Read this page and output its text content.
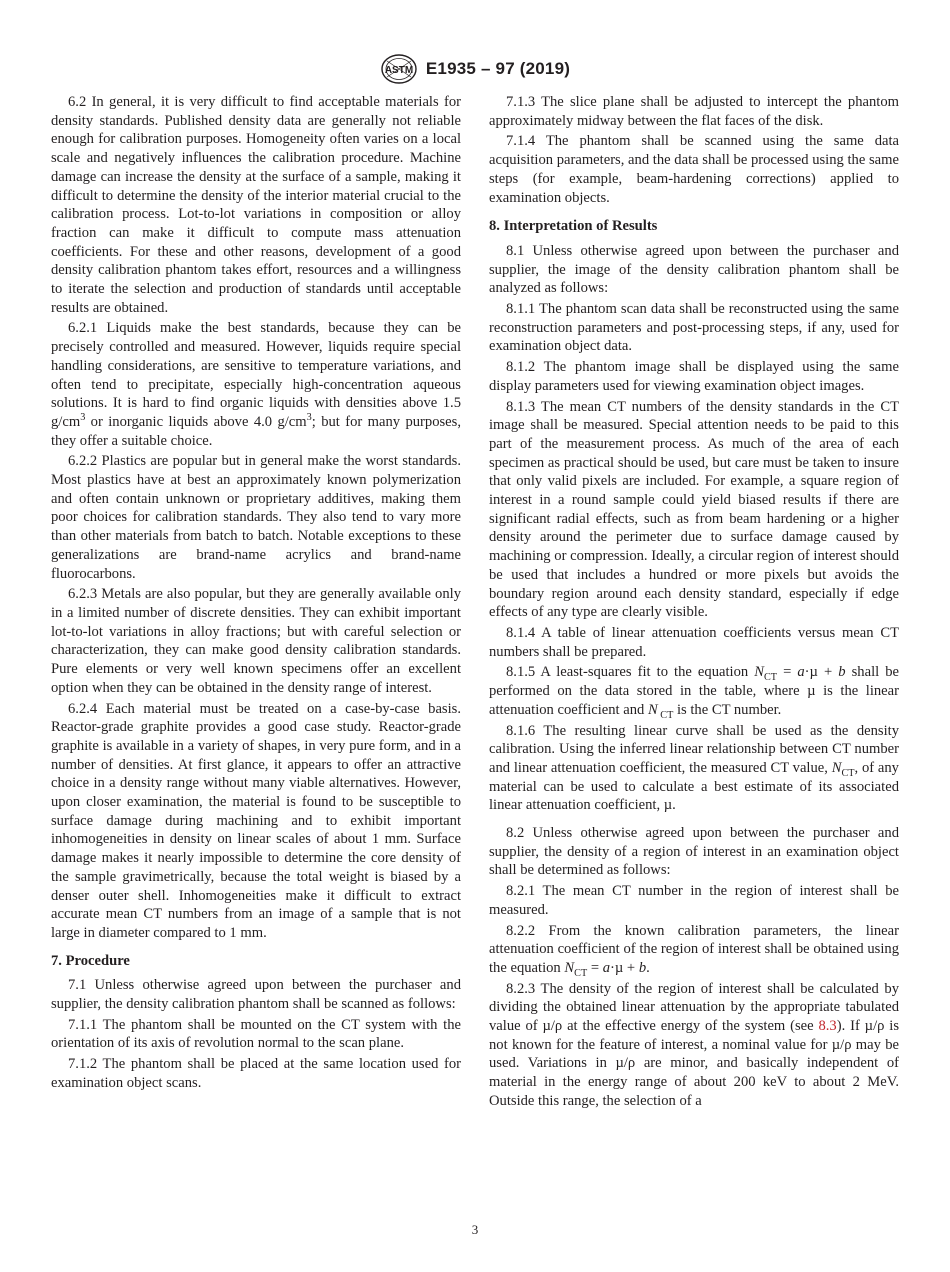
ASTM E1935 – 97 (2019)

6.2 In general, it is very difficult to find acceptable materials for density standards. Published density data are generally not reliable enough for calibration purposes. Homogeneity often varies on a local scale and negatively influences the calibration procedure. Machine damage can increase the density at the surface of a sample, making it difficult to determine the density of the interior material crucial to the calibration process. Lot-to-lot variations in composition or alloy fraction can make it difficult to compute mass attenuation coefficients. For these and other reasons, development of a good density calibration phantom takes effort, resources and a willingness to iterate the selection and production of standards until acceptable results are obtained.

6.2.1 Liquids make the best standards, because they can be precisely controlled and measured. However, liquids require special handling considerations, are sensitive to temperature variations, and often tend to precipitate, especially high-concentration aqueous solutions. It is hard to find organic liquids with densities above 1.5 $g/cm^3$ or inorganic liquids above 4.0 $g/cm^3$; but for many purposes, they offer a suitable choice.

6.2.2 Plastics are popular but in general make the worst standards. Most plastics have at best an approximately known polymerization and often contain unknown or proprietary additives, making them poor choices for calibration standards. They also tend to vary more than other materials from batch to batch. Notable exceptions to these generalizations are brand-name acrylics and brand-name fluorocarbons.

6.2.3 Metals are also popular, but they are generally available only in a limited number of discrete densities. They can exhibit important lot-to-lot variations in alloy fractions; but with careful selection or characterization, they can make good density calibration standards. Pure elements or very well known specimens offer an excellent option when they can be obtained in the density range of interest.

6.2.4 Each material must be treated on a case-by-case basis. Reactor-grade graphite provides a good case study. Reactor-grade graphite is available in a variety of shapes, in very pure form, and in a number of densities. At first glance, it appears to offer an attractive choice in a density range without many viable alternatives. However, upon closer examination, the material is found to be susceptible to surface damage during machining and to exhibit important inhomogeneities in density on linear scales of about 1 mm. Surface damage makes it nearly impossible to determine the core density of the sample gravimetrically, because the total weight is biased by a denser outer shell. Inhomogeneities make it difficult to extract accurate mean CT numbers from an image of a sample that is not large in diameter compared to 1 mm.

7. Procedure

7.1 Unless otherwise agreed upon between the purchaser and supplier, the density calibration phantom shall be scanned as follows:

7.1.1 The phantom shall be mounted on the CT system with the orientation of its axis of revolution normal to the scan plane.

7.1.2 The phantom shall be placed at the same location used for examination object scans.

7.1.3 The slice plane shall be adjusted to intercept the phantom approximately midway between the flat faces of the disk.

7.1.4 The phantom shall be scanned using the same data acquisition parameters, and the data shall be processed using the same steps (for example, beam-hardening corrections) applied to examination objects.

8. Interpretation of Results

8.1 Unless otherwise agreed upon between the purchaser and supplier, the image of the density calibration phantom shall be analyzed as follows:

8.1.1 The phantom scan data shall be reconstructed using the same reconstruction parameters and post-processing steps, if any, used for examination object data.

8.1.2 The phantom image shall be displayed using the same display parameters used for viewing examination object images.

8.1.3 The mean CT numbers of the density standards in the CT image shall be measured. Special attention needs to be paid to this part of the measurement process. As much of the area of each specimen as practical should be used, but care must be taken to insure that only valid pixels are included. For example, a square region of interest in a round sample could yield biased results if there are significant radial effects, such as from beam hardening or a higher density around the perimeter due to surface damage caused by machining or compression. Ideally, a circular region of interest should be used that includes a hundred or more pixels but avoids the boundary region around each density standard, especially if edge effects of any type are clearly visible.

8.1.4 A table of linear attenuation coefficients versus mean CT numbers shall be prepared.

8.1.5 A least-squares fit to the equation $N_{CT} = a\cdot\mu + b$ shall be performed on the data stored in the table, where µ is the linear attenuation coefficient and N $_{CT}$ is the CT number.

8.1.6 The resulting linear curve shall be used as the density calibration. Using the inferred linear relationship between CT number and linear attenuation coefficient, the measured CT value, $N_{CT}$, of any material can be used to calculate a best estimate of its associated linear attenuation coefficient, µ.

8.2 Unless otherwise agreed upon between the purchaser and supplier, the density of a region of interest in an examination object shall be determined as follows:

8.2.1 The mean CT number in the region of interest shall be measured.

8.2.2 From the known calibration parameters, the linear attenuation coefficient of the region of interest shall be obtained using the equation $N_{CT} = a\cdot\mu + b$.

8.2.3 The density of the region of interest shall be calculated by dividing the obtained linear attenuation by the appropriate tabulated value of µ/ρ at the effective energy of the system (see 8.3). If µ/ρ is not known for the feature of interest, a nominal value for µ/ρ may be used. Variations in µ/ρ are minor, and basically independent of material in the energy range of about 200 keV to about 2 MeV. Outside this range, the selection of a

3
